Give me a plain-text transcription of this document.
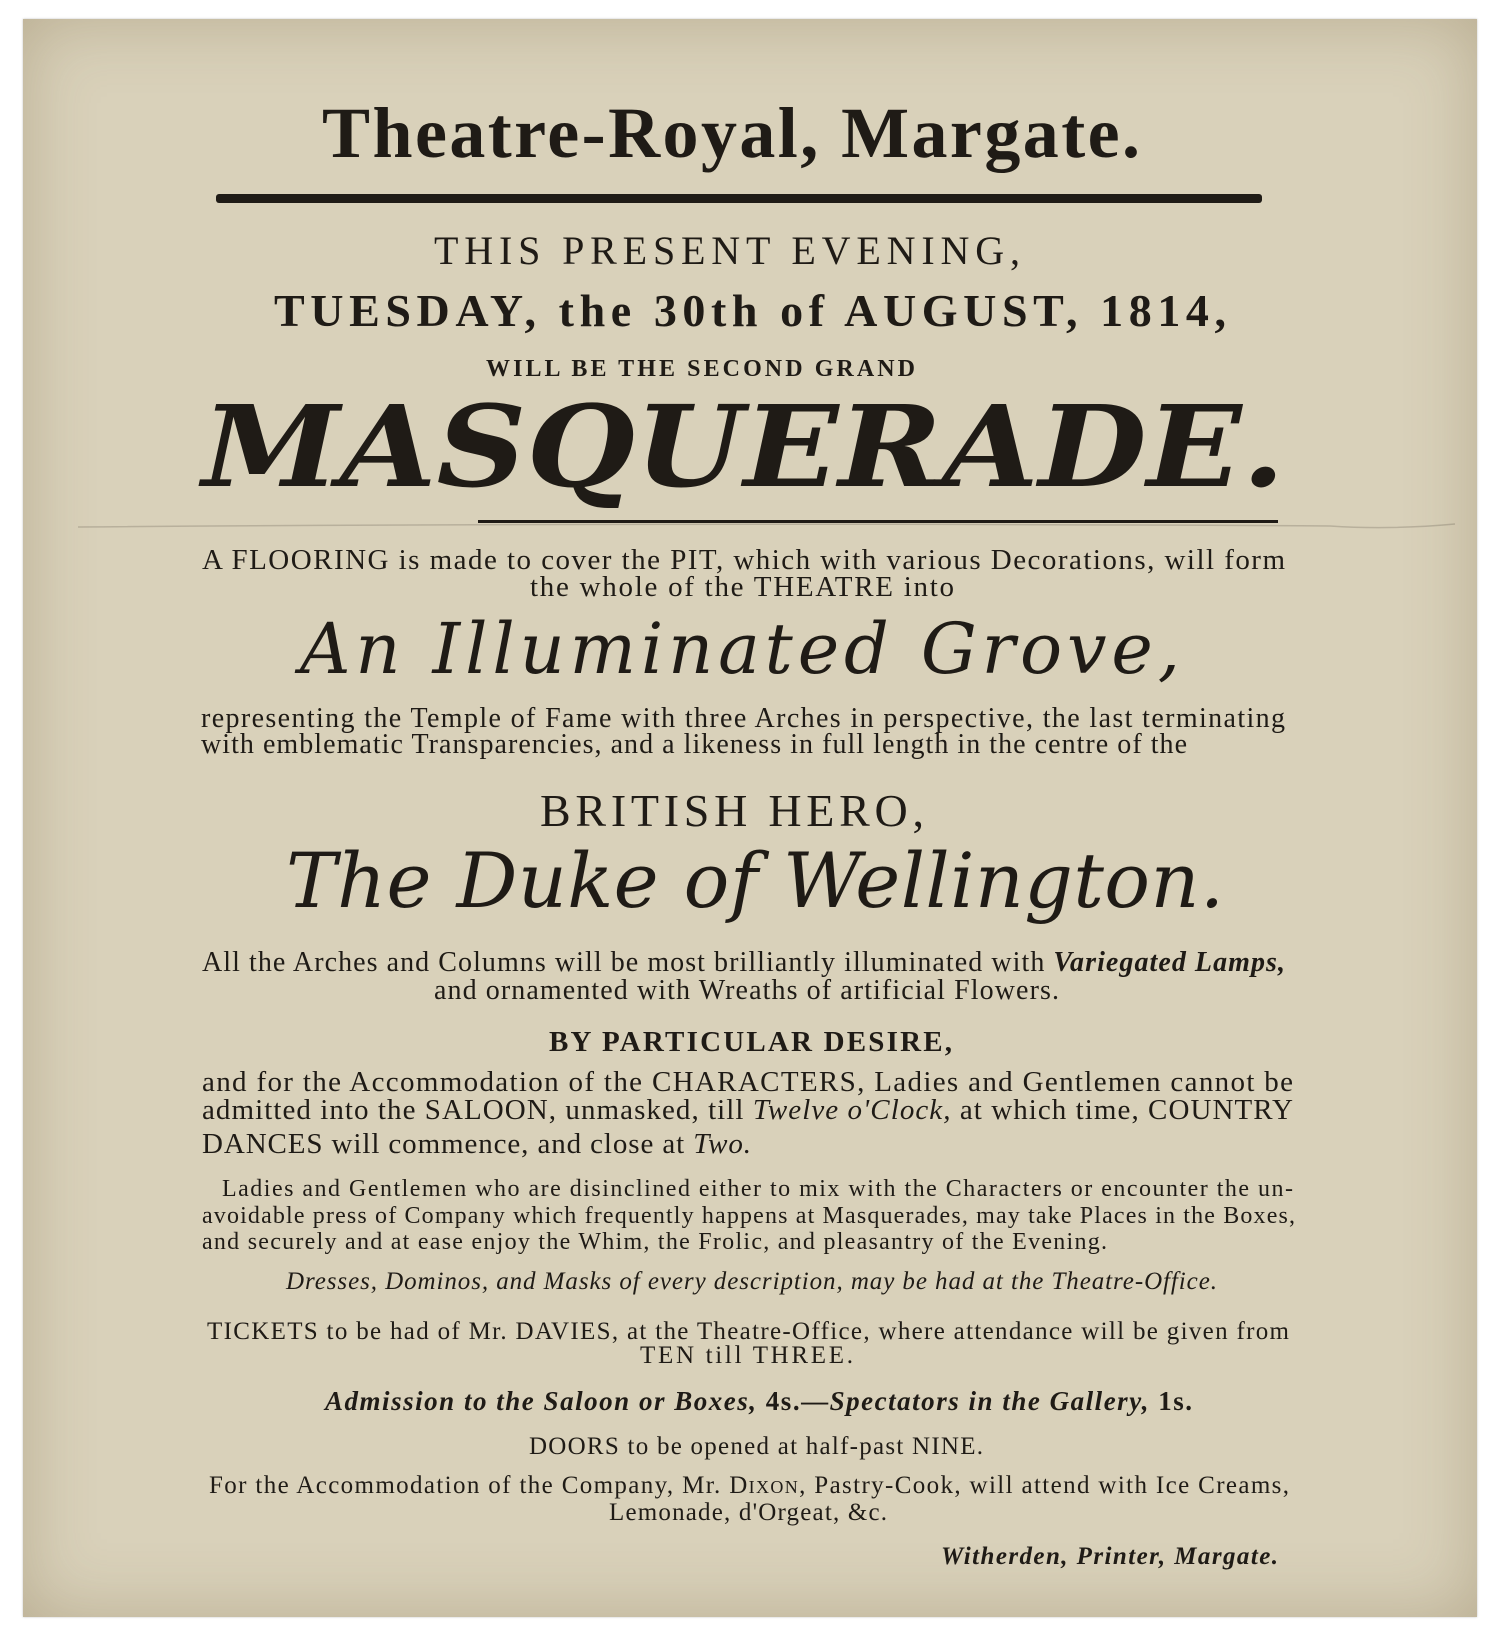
Theatre-Royal, Margate.
THIS PRESENT EVENING,
TUESDAY, the 30th of AUGUST, 1814,
WILL BE THE SECOND GRAND
MASQUERADE.
A FLOORING is made to cover the PIT, which with various Decorations, will form
the whole of the THEATRE into
An Illuminated Grove,
representing the Temple of Fame with three Arches in perspective, the last terminating
with emblematic Transparencies, and a likeness in full length in the centre of the
BRITISH HERO,
The Duke of Wellington.
All the Arches and Columns will be most brilliantly illuminated with Variegated Lamps,
and ornamented with Wreaths of artificial Flowers.
BY PARTICULAR DESIRE,
and for the Accommodation of the CHARACTERS, Ladies and Gentlemen cannot be
admitted into the SALOON, unmasked, till Twelve o'Clock, at which time, COUNTRY
DANCES will commence, and close at Two.
Ladies and Gentlemen who are disinclined either to mix with the Characters or encounter the un-
avoidable press of Company which frequently happens at Masquerades, may take Places in the Boxes,
and securely and at ease enjoy the Whim, the Frolic, and pleasantry of the Evening.
Dresses, Dominos, and Masks of every description, may be had at the Theatre-Office.
TICKETS to be had of Mr. DAVIES, at the Theatre-Office, where attendance will be given from
TEN till THREE.
Admission to the Saloon or Boxes, 4s.—Spectators in the Gallery, 1s.
DOORS to be opened at half-past NINE.
For the Accommodation of the Company, Mr. Dixon, Pastry-Cook, will attend with Ice Creams,
Lemonade, d'Orgeat, &c.
Witherden, Printer, Margate.
